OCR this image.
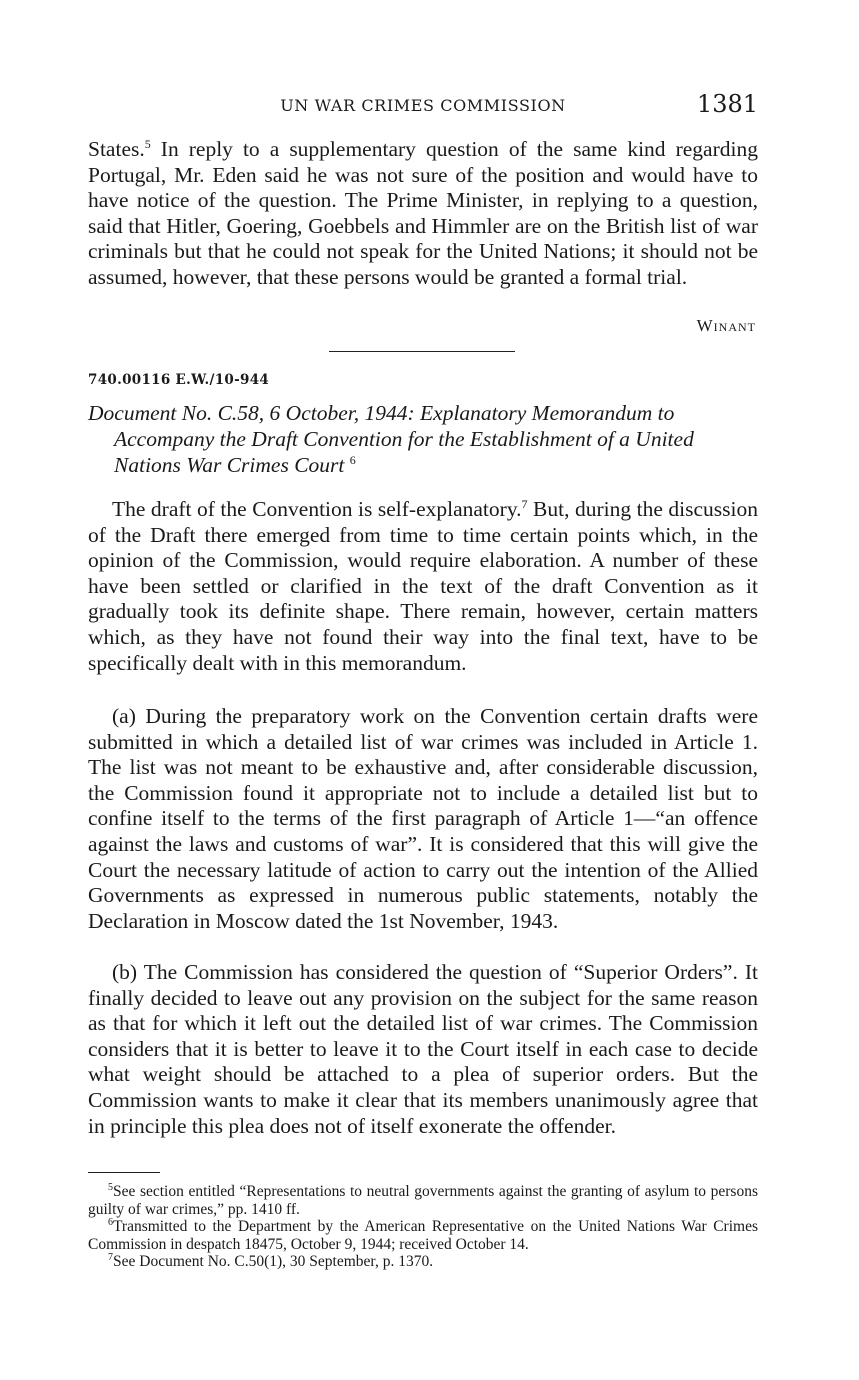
UN WAR CRIMES COMMISSION	1381

States.$^5$ In reply to a supplementary question of the same kind regarding Portugal, Mr. Eden said he was not sure of the position and would have to have notice of the question. The Prime Minister, in replying to a question, said that Hitler, Goering, Goebbels and Himmler are on the British list of war criminals but that he could not speak for the United Nations; it should not be assumed, however, that these persons would be granted a formal trial.

Winant
740.00116 E.W./10-944
Document No. C.58, 6 October, 1944: Explanatory Memorandum to
Accompany the Draft Convention for the Establishment of a United
Nations War Crimes Court $^6$

The draft of the Convention is self-explanatory.$^7$ But, during the discussion of the Draft there emerged from time to time certain points which, in the opinion of the Commission, would require elaboration. A number of these have been settled or clarified in the text of the draft Convention as it gradually took its definite shape. There remain, however, certain matters which, as they have not found their way into the final text, have to be specifically dealt with in this memorandum.

(a) During the preparatory work on the Convention certain drafts were submitted in which a detailed list of war crimes was included in Article 1. The list was not meant to be exhaustive and, after considerable discussion, the Commission found it appropriate not to include a detailed list but to confine itself to the terms of the first paragraph of Article 1—“an offence against the laws and customs of war”. It is considered that this will give the Court the necessary latitude of action to carry out the intention of the Allied Governments as expressed in numerous public statements, notably the Declaration in Moscow dated the 1st November, 1943.

(b) The Commission has considered the question of “Superior Orders”. It finally decided to leave out any provision on the subject for the same reason as that for which it left out the detailed list of war crimes. The Commission considers that it is better to leave it to the Court itself in each case to decide what weight should be attached to a plea of superior orders. But the Commission wants to make it clear that its members unanimously agree that in principle this plea does not of itself exonerate the offender.

$^5$See section entitled “Representations to neutral governments against the granting of asylum to persons guilty of war crimes,” pp. 1410 ff.

$^6$Transmitted to the Department by the American Representative on the United Nations War Crimes Commission in despatch 18475, October 9, 1944; received October 14.

$^7$See Document No. C.50(1), 30 September, p. 1370.
